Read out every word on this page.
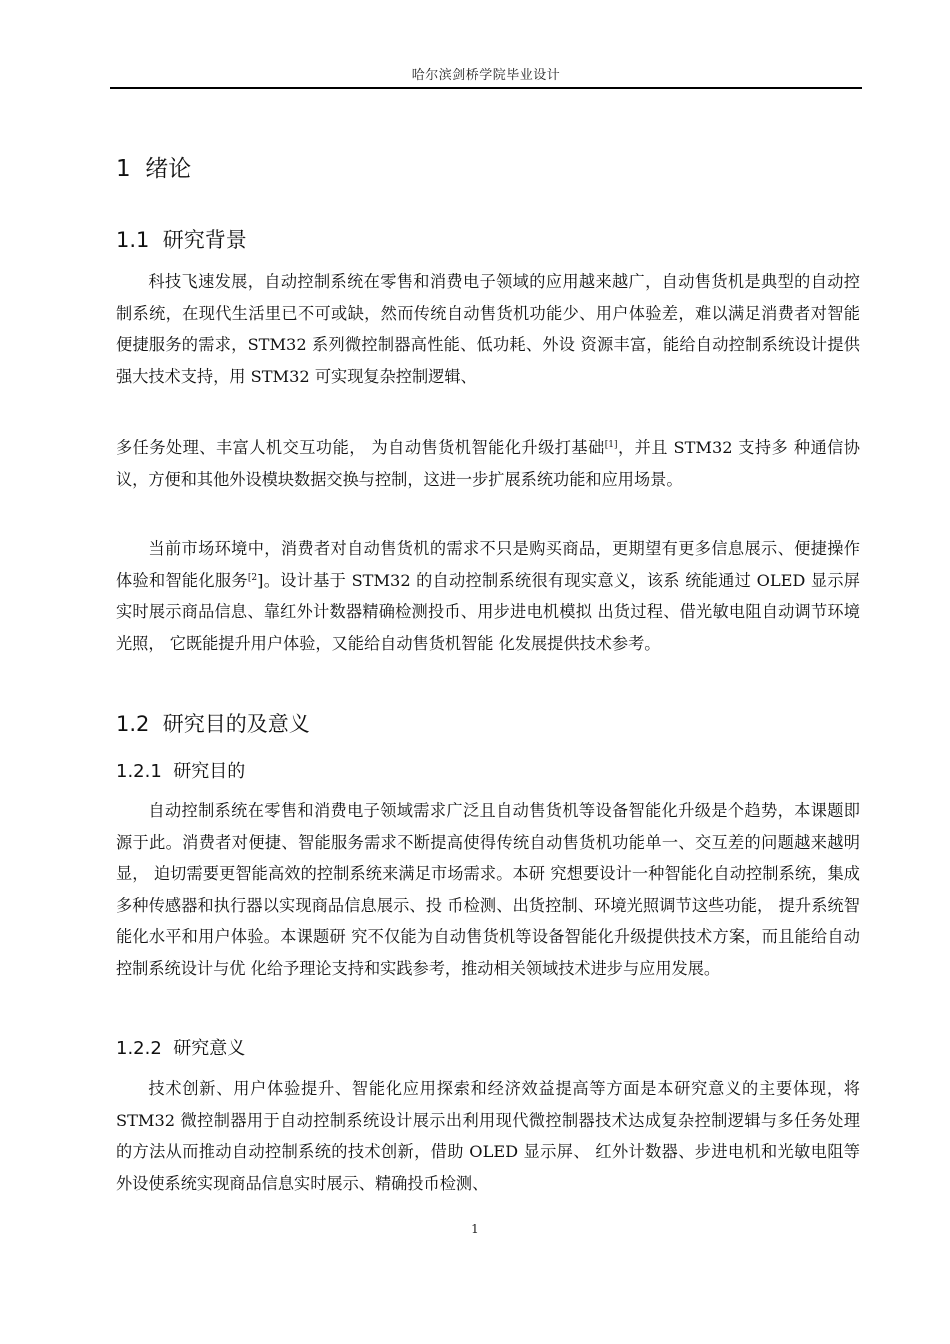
哈尔滨剑桥学院毕业设计
1 绪论
1.1 研究背景

科技飞速发展，自动控制系统在零售和消费电子领域的应用越来越广，自动售货机是典型的自动控制系统，在现代生活里已不可或缺，然而传统自动售货机功能少、用户体验差，难以满足消费者对智能便捷服务的需求，STM32 系列微控制器高性能、低功耗、外设 资源丰富，能给自动控制系统设计提供强大技术支持，用 STM32 可实现复杂控制逻辑、

多任务处理、丰富人机交互功能， 为自动售货机智能化升级打基础[1]，并且 STM32 支持多 种通信协议，方便和其他外设模块数据交换与控制，这进一步扩展系统功能和应用场景。

当前市场环境中，消费者对自动售货机的需求不只是购买商品，更期望有更多信息展示、便捷操作体验和智能化服务$^{[2}$]。设计基于 STM32 的自动控制系统很有现实意义，该系 统能通过 OLED 显示屏实时展示商品信息、靠红外计数器精确检测投币、用步进电机模拟 出货过程、借光敏电阻自动调节环境光照， 它既能提升用户体验，又能给自动售货机智能 化发展提供技术参考。

1.2 研究目的及意义
1.2.1 研究目的

自动控制系统在零售和消费电子领域需求广泛且自动售货机等设备智能化升级是个趋势，本课题即源于此。消费者对便捷、智能服务需求不断提高使得传统自动售货机功能单一、交互差的问题越来越明显， 迫切需要更智能高效的控制系统来满足市场需求。本研 究想要设计一种智能化自动控制系统，集成多种传感器和执行器以实现商品信息展示、投 币检测、出货控制、环境光照调节这些功能， 提升系统智能化水平和用户体验。本课题研 究不仅能为自动售货机等设备智能化升级提供技术方案，而且能给自动控制系统设计与优 化给予理论支持和实践参考，推动相关领域技术进步与应用发展。

1.2.2 研究意义

技术创新、用户体验提升、智能化应用探索和经济效益提高等方面是本研究意义的主要体现，将 STM32 微控制器用于自动控制系统设计展示出利用现代微控制器技术达成复杂控制逻辑与多任务处理的方法从而推动自动控制系统的技术创新，借助 OLED 显示屏、 红外计数器、步进电机和光敏电阻等外设使系统实现商品信息实时展示、精确投币检测、

1
